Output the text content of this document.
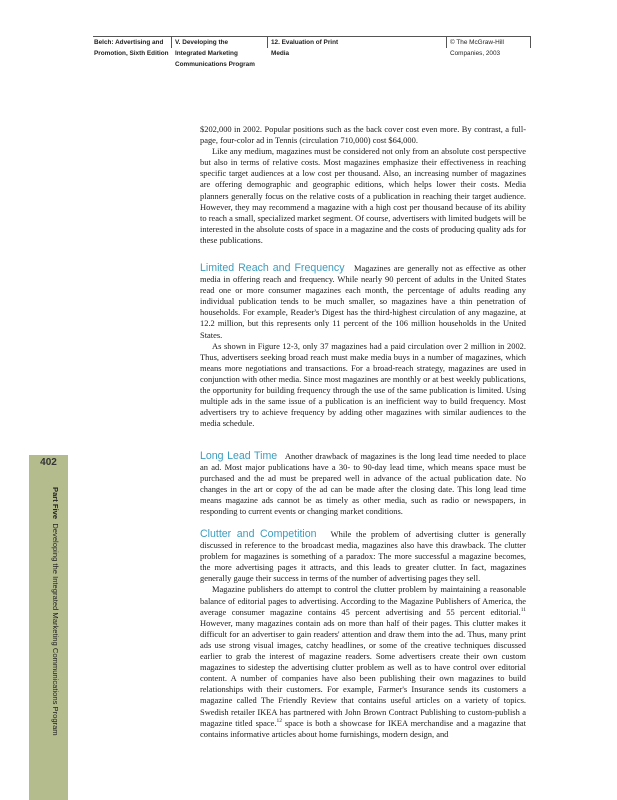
Belch: Advertising and
Promotion, Sixth Edition
V. Developing the
Integrated Marketing
Communications Program
12. Evaluation of Print
Media
© The McGraw-Hill
Companies, 2003
402
Part Five  Developing the Integrated Marketing Communications Program

$202,000 in 2002. Popular positions such as the back cover cost even more. By contrast, a full-page, four-color ad in Tennis (circulation 710,000) cost $64,000.

Like any medium, magazines must be considered not only from an absolute cost perspective but also in terms of relative costs. Most magazines emphasize their effectiveness in reaching specific target audiences at a low cost per thousand. Also, an increasing number of magazines are offering demographic and geographic editions, which helps lower their costs. Media planners generally focus on the relative costs of a publication in reaching their target audience. However, they may recommend a magazine with a high cost per thousand because of its ability to reach a small, specialized market segment. Of course, advertisers with limited budgets will be interested in the absolute costs of space in a magazine and the costs of producing quality ads for these publications.

Limited Reach and Frequency Magazines are generally not as effective as other media in offering reach and frequency. While nearly 90 percent of adults in the United States read one or more consumer magazines each month, the percentage of adults reading any individual publication tends to be much smaller, so magazines have a thin penetration of households. For example, Reader's Digest has the third-highest circulation of any magazine, at 12.2 million, but this represents only 11 percent of the 106 million households in the United States.

As shown in Figure 12-3, only 37 magazines had a paid circulation over 2 million in 2002. Thus, advertisers seeking broad reach must make media buys in a number of magazines, which means more negotiations and transactions. For a broad-reach strategy, magazines are used in conjunction with other media. Since most magazines are monthly or at best weekly publications, the opportunity for building frequency through the use of the same publication is limited. Using multiple ads in the same issue of a publication is an inefficient way to build frequency. Most advertisers try to achieve frequency by adding other magazines with similar audiences to the media schedule.

Long Lead Time Another drawback of magazines is the long lead time needed to place an ad. Most major publications have a 30- to 90-day lead time, which means space must be purchased and the ad must be prepared well in advance of the actual publication date. No changes in the art or copy of the ad can be made after the closing date. This long lead time means magazine ads cannot be as timely as other media, such as radio or newspapers, in responding to current events or changing market conditions.

Clutter and Competition While the problem of advertising clutter is generally discussed in reference to the broadcast media, magazines also have this drawback. The clutter problem for magazines is something of a paradox: The more successful a magazine becomes, the more advertising pages it attracts, and this leads to greater clutter. In fact, magazines generally gauge their success in terms of the number of advertising pages they sell.

Magazine publishers do attempt to control the clutter problem by maintaining a reasonable balance of editorial pages to advertising. According to the Magazine Publishers of America, the average consumer magazine contains 45 percent advertising and 55 percent editorial.$^{11}$ However, many magazines contain ads on more than half of their pages. This clutter makes it difficult for an advertiser to gain readers' attention and draw them into the ad. Thus, many print ads use strong visual images, catchy headlines, or some of the creative techniques discussed earlier to grab the interest of magazine readers. Some advertisers create their own custom magazines to sidestep the advertising clutter problem as well as to have control over editorial content. A number of companies have also been publishing their own magazines to build relationships with their customers. For example, Farmer's Insurance sends its customers a magazine called The Friendly Review that contains useful articles on a variety of topics. Swedish retailer IKEA has partnered with John Brown Contract Publishing to custom-publish a magazine titled space.$^{12}$ space is both a showcase for IKEA merchandise and a magazine that contains informative articles about home furnishings, modern design, and
